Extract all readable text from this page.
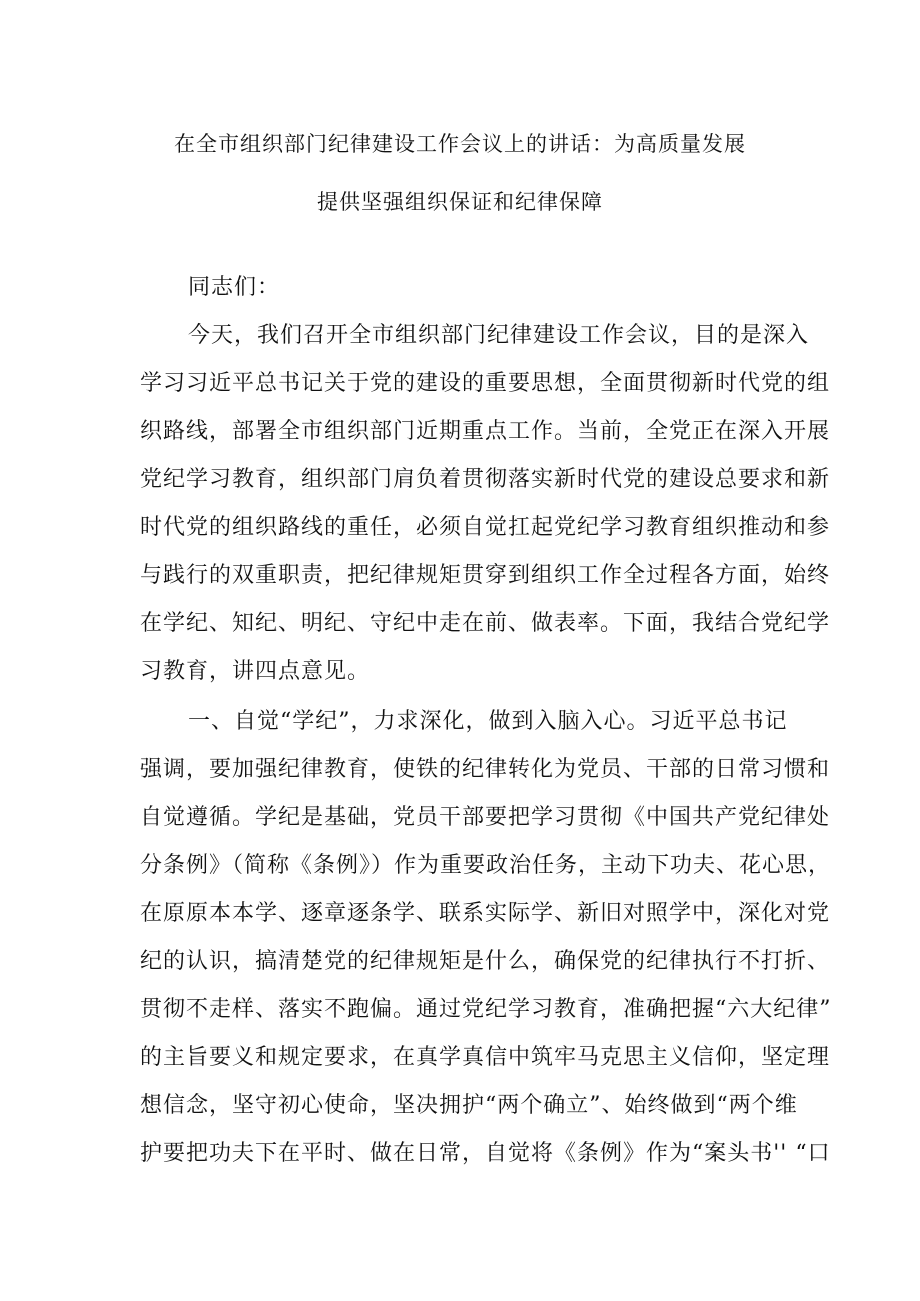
在全市组织部门纪律建设工作会议上的讲话：为高质量发展
提供坚强组织保证和纪律保障
同志们：
今天，我们召开全市组织部门纪律建设工作会议，目的是深入
学习习近平总书记关于党的建设的重要思想，全面贯彻新时代党的组
织路线，部署全市组织部门近期重点工作。当前，全党正在深入开展
党纪学习教育，组织部门肩负着贯彻落实新时代党的建设总要求和新
时代党的组织路线的重任，必须自觉扛起党纪学习教育组织推动和参
与践行的双重职责，把纪律规矩贯穿到组织工作全过程各方面，始终
在学纪、知纪、明纪、守纪中走在前、做表率。下面，我结合党纪学
习教育，讲四点意见。
一、自觉“学纪”，力求深化，做到入脑入心。习近平总书记
强调，要加强纪律教育，使铁的纪律转化为党员、干部的日常习惯和
自觉遵循。学纪是基础，党员干部要把学习贯彻《中国共产党纪律处
分条例》（简称《条例》）作为重要政治任务，主动下功夫、花心思，
在原原本本学、逐章逐条学、联系实际学、新旧对照学中，深化对党
纪的认识，搞清楚党的纪律规矩是什么，确保党的纪律执行不打折、
贯彻不走样、落实不跑偏。通过党纪学习教育，准确把握“六大纪律”
的主旨要义和规定要求，在真学真信中筑牢马克思主义信仰，坚定理
想信念，坚守初心使命，坚决拥护“两个确立”、始终做到“两个维
护要把功夫下在平时、做在日常，自觉将《条例》作为“案头书'' “口
